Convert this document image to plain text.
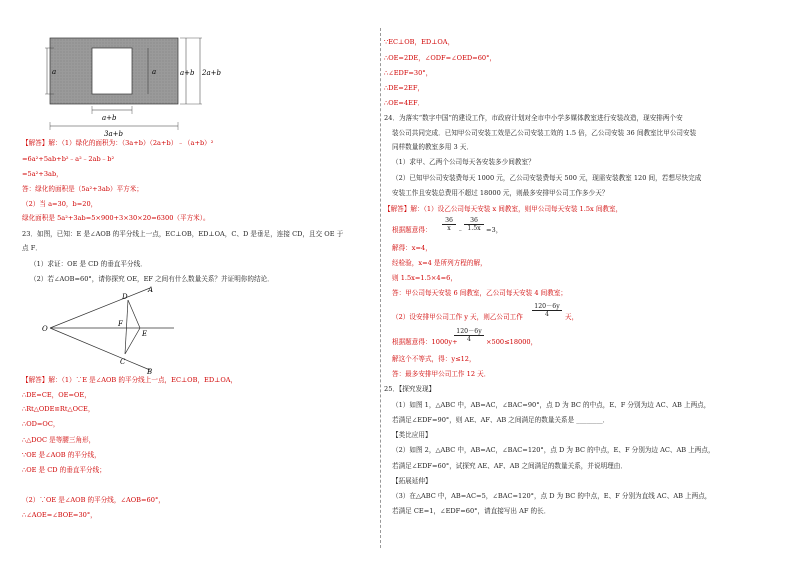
a	a	a+b 2a+b
a+b
3a+b
【解答】解：（1）绿化的面积为：（3a+b）（2a+b）﹣（a+b）²
=6a²+5ab+b²﹣a²﹣2ab﹣b²
=5a²+3ab，
答：绿化的面积是（5a²+3ab）平方米；
（2）当 a=30，b=20，
绿化面积是 5a²+3ab=5×900+3×30×20=6300（平方米）。
23．如图，已知：E 是∠AOB 的平分线上一点，EC⊥OB，ED⊥OA，C、D 是垂足，连接 CD，且交 OE 于
点 F．
（1）求证：OE 是 CD 的垂直平分线．
（2）若∠AOB=60°，请你探究 OE，EF 之间有什么数量关系？并证明你的结论．
A
D
O
F
E
C
B
【解答】解：（1）∵E 是∠AOB 的平分线上一点，EC⊥OB，ED⊥OA，
∴DE=CE，OE=OE，
∴Rt△ODE≌Rt△OCE，
∴OD=OC，
∴△DOC 是等腰三角形，
∵OE 是∠AOB 的平分线，
∴OE 是 CD 的垂直平分线；
（2）∵OE 是∠AOB 的平分线，∠AOB=60°，
∴∠AOE=∠BOE=30°，
∵EC⊥OB，ED⊥OA，
∴OE=2DE，∠ODF=∠OED=60°，
∴∠EDF=30°，
∴DE=2EF，
∴OE=4EF．
24．为落实“数字中国”的建设工作，市政府计划对全市中小学多媒体教室进行安装改造，现安排两个安
装公司共同完成．已知甲公司安装工效是乙公司安装工效的 1.5 倍，乙公司安装 36 间教室比甲公司安装
同样数量的教室多用 3 天．
（1）求甲、乙两个公司每天各安装多少间教室？
（2）已知甲公司安装费每天 1000 元，乙公司安装费每天 500 元，现需安装教室 120 间，若想尽快完成
安装工作且安装总费用不超过 18000 元，则最多安排甲公司工作多少天？
【解答】解：（1）设乙公司每天安装 x 间教室，则甲公司每天安装 1.5x 间教室，
根据题意得： $\frac{36}{x}$ ﹣ $\frac{36}{1.5x} =3$，
解得：x=4，
经检验，x=4 是所列方程的解，
则 1.5x=1.5×4=6，
答：甲公司每天安装 6 间教室，乙公司每天安装 4 间教室；
（2）设安排甲公司工作 y 天，则乙公司工作 $\frac{120-6y}{4}$ 天，
根据题意得：1000y+
$\frac{120-6y}{4} \times 500\le 18000$，
解这个不等式，得：y≤12，
答：最多安排甲公司工作 12 天．
25．【探究发现】
（1）如图 1，△ABC 中，AB=AC，∠BAC=90°，点 D 为 BC 的中点，E、F 分别为边 AC、AB 上两点，
若满足∠EDF=90°，则 AE、AF、AB 之间满足的数量关系是 ________．
【类比应用】
（2）如图 2，△ABC 中，AB=AC，∠BAC=120°，点 D 为 BC 的中点，E、F 分别为边 AC、AB 上两点，
若满足∠EDF=60°，试探究 AE、AF、AB 之间满足的数量关系，并说明理由．
【拓展延伸】
（3）在△ABC 中，AB=AC=5，∠BAC=120°，点 D 为 BC 的中点，E、F 分别为直线 AC、AB 上两点，
若满足 CE=1，∠EDF=60°，请直接写出 AF 的长．
